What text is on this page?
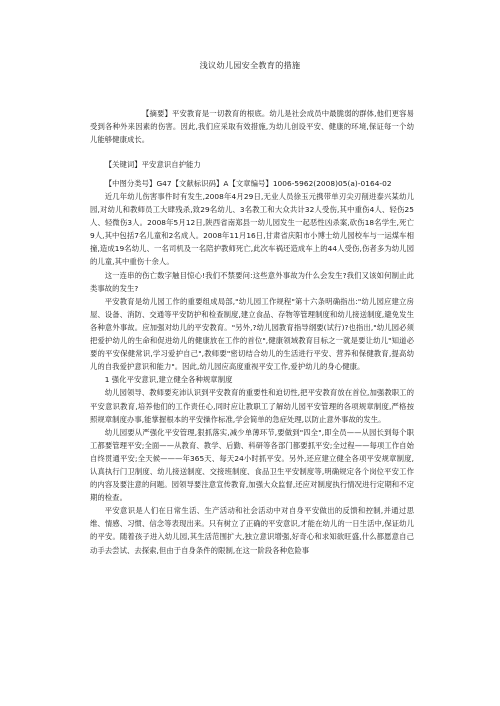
浅议幼儿园安全教育的措施

【摘要】平安教育是一切教育的根底。幼儿是社会成员中最脆弱的群体,他们更容易受到各种外来因素的伤害。因此,我们应采取有效措施,为幼儿创设平安、健康的环境,保证每一个幼儿能够健康成长。

【关键词】平安意识自护能力

【中图分类号】G47【文献标识码】A【文章编号】1006-5962(2008)05(a)-0164-02

近几年幼儿伤害事件时有发生,2008年4月29日,无业人员徐玉元携带单刃尖刃削进泰兴某幼儿园,对幼儿和教师员工大肆残杀,致29名幼儿、3名教工和大众共计32人受伤,其中重伤4人、轻伤25人、轻微伤3人。2008年5月12日,陕西省南郑县一幼儿园发生一起恶性凶杀案,砍伤18名学生,死亡9人,其中包括7名儿童和2名成人。2008年11月16日,甘肃省庆阳市小博士幼儿园校车与一运煤车相撞,造成19名幼儿、一名司机及一名陪护教师死亡,此次车祸还造成车上的44人受伤,伤者多为幼儿园的儿童,其中重伤十余人。

这一连串的伤亡数字触目惊心!我们不禁要问:这些意外事故为什么会发生?我们又该如何制止此类事故的发生?

平安教育是幼儿园工作的重要组成局部,"幼儿园工作规程"第十六条明确指出:"幼儿园应建立房屋、设备、消防、交通等平安防护和检查制度,建立食品、存物等管理制度和幼儿接送制度,避免发生各种意外事故。应加强对幼儿的平安教育。"另外,?幼儿园教育指导纲要(试行)?也指出,"幼儿园必须把爱护幼儿的生命和促进幼儿的健康放在工作的首位",健康领域教育目标之一就是要让幼儿"知道必要的平安保健常识,学习爱护自己",教师要"密切结合幼儿的生活进行平安、营养和保健教育,提高幼儿的自我爱护意识和能力"。因此,幼儿园应高度重视平安工作,爱护幼儿的身心健康。

1 强化平安意识,建立健全各种规章制度

幼儿园领导、教师要充沛认识到平安教育的重要性和迫切性,把平安教育放在首位,加强教职工的平安意识教育,培养他们的工作责任心,同时应让教职工了解幼儿园平安管理的各项规章制度,严格按照规章制度办事,能掌握根本的平安操作标准,学会简单的急症处理,以防止意外事故的发生。

幼儿园要从严强化平安管理,狠抓落实,减少单薄环节,要做到"四全",即全员——从园长到每个职工都要管理平安;全面——从教育、教学、后勤、科研等各部门都要抓平安;全过程——每项工作自始自终贯通平安;全天候———年365天、每天24小时抓平安。另外,还应建立健全各项平安规章制度,认真执行门卫制度、幼儿接送制度、交接班制度、食品卫生平安制度等,明确规定各个岗位平安工作的内容及要注意的问题。园领导要注意宣传教育,加强大众监督,还应对制度执行情况进行定期和不定期的检查。

平安意识是人们在日常生活、生产活动和社会活动中对自身平安做出的反馈和控制,并通过思维、情感、习惯、信念等表现出来。只有树立了正确的平安意识,才能在幼儿的一日生活中,保证幼儿的平安。随着孩子进入幼儿园,其生活范围扩大,独立意识增强,好奇心和求知欲旺盛,什么都愿意自己动手去尝试、去探索,但由于自身条件的限制,在这一阶段各种危险事
